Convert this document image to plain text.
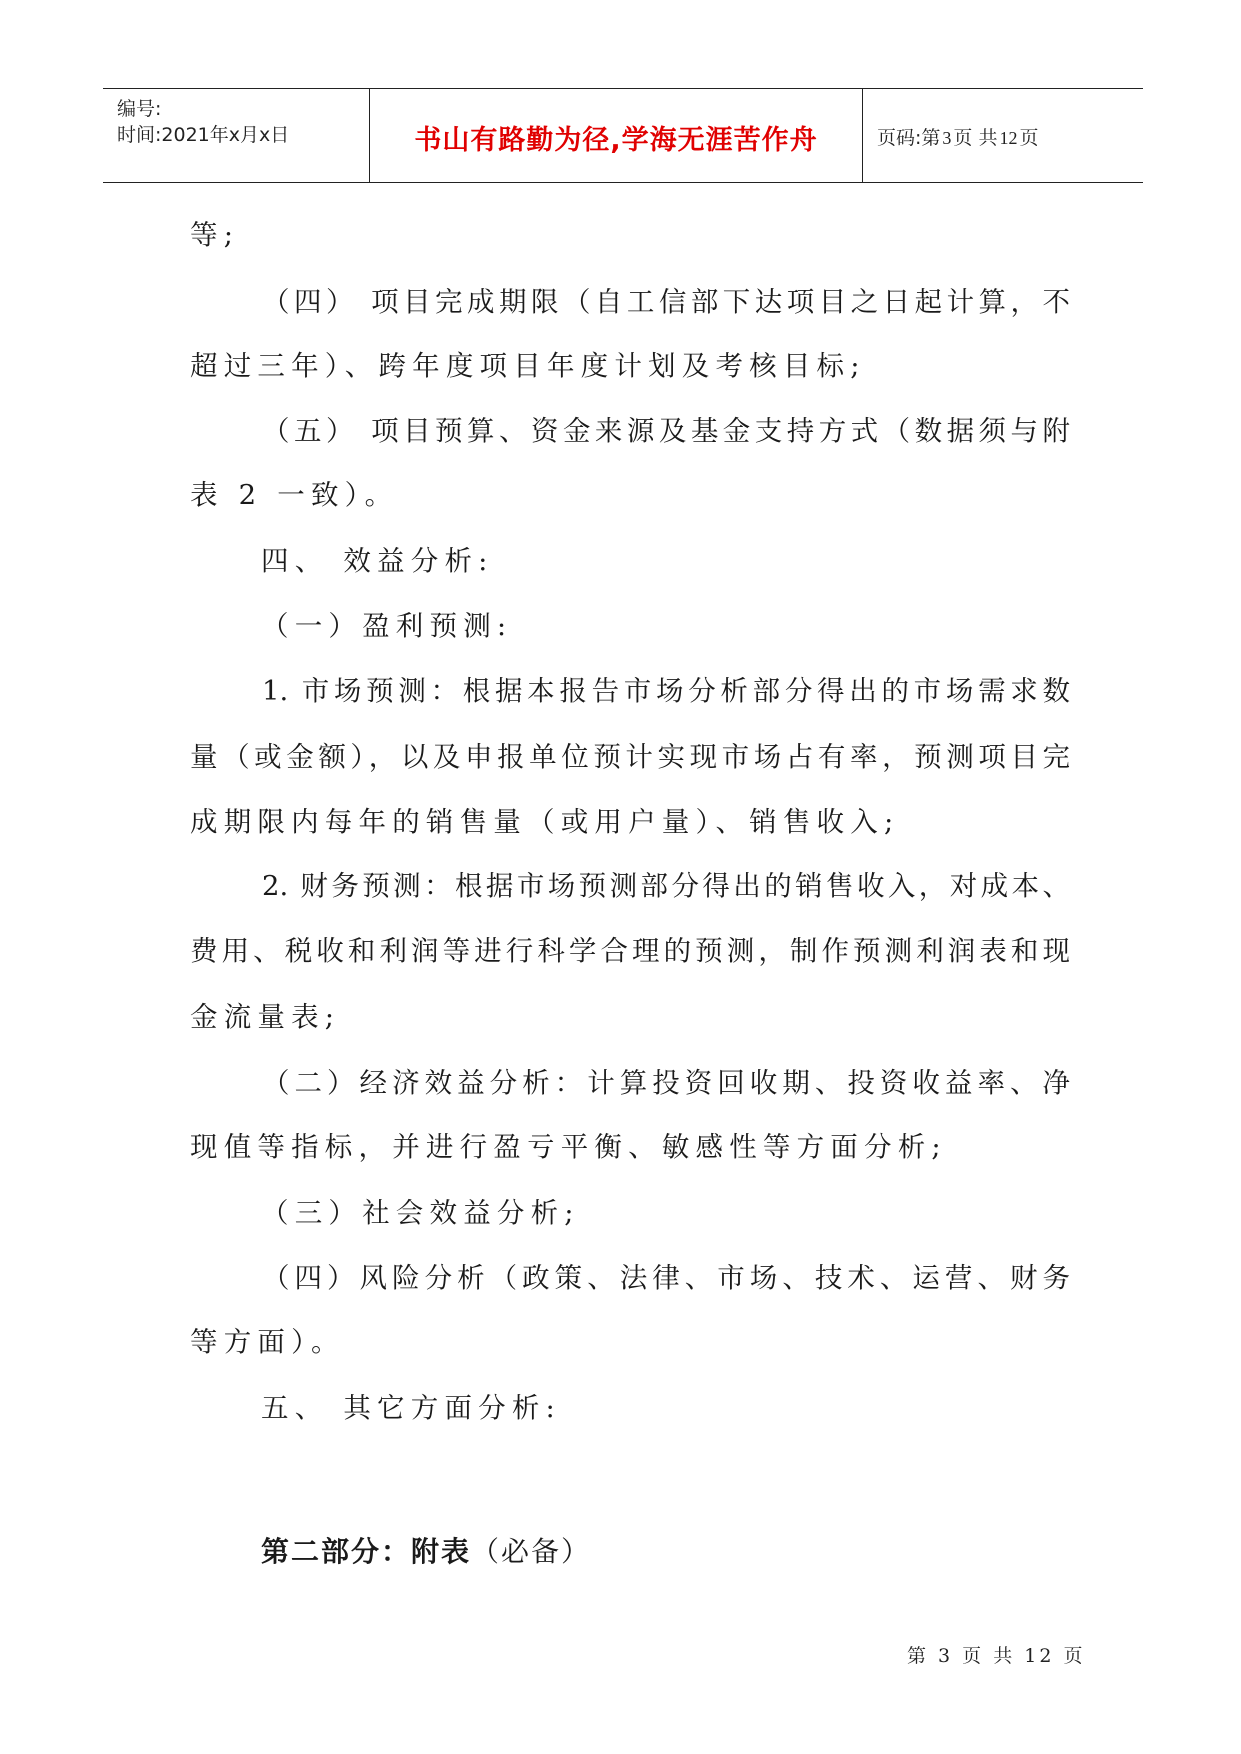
编号:
时间:2021年x月x日	书山有路勤为径,学海无涯苦作舟	页码:第 3 页 共 12 页
等;
（四） 项目完成期限（自工信部下达项目之日起计算，不
超过三年）、跨年度项目年度计划及考核目标;
（五） 项目预算、资金来源及基金支持方式（数据须与附
表 2 一致）。
四、 效益分析:
（一）盈利预测:
1. 市场预测：根据本报告市场分析部分得出的市场需求数
量（或金额），以及申报单位预计实现市场占有率，预测项目完
成期限内每年的销售量（或用户量）、销售收入;
2. 财务预测：根据市场预测部分得出的销售收入，对成本、
费用、税收和利润等进行科学合理的预测，制作预测利润表和现
金流量表;
（二）经济效益分析：计算投资回收期、投资收益率、净
现值等指标，并进行盈亏平衡、敏感性等方面分析;
（三）社会效益分析;
（四）风险分析（政策、法律、市场、技术、运营、财务
等方面）。
五、 其它方面分析:
第二部分：附表（必备）
第 3 页 共 12 页
